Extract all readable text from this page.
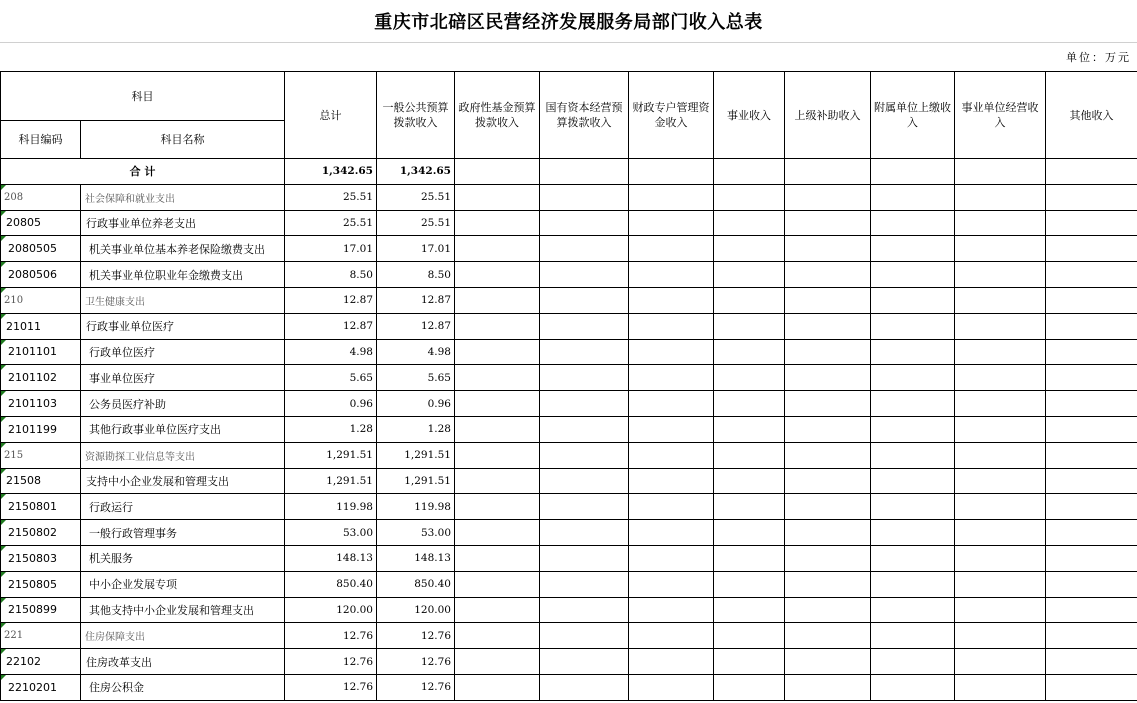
重庆市北碚区民营经济发展服务局部门收入总表
单位：万元
科目		总计	一般公共预算拨款收入	政府性基金预算拨款收入	国有资本经营预算拨款收入	财政专户管理资金收入	事业收入	上级补助收入	附属单位上缴收入	事业单位经营收入	其他收入
科目编码	科目名称										
合 计		1,342.65	1,342.65								

208	社会保障和就业支出	25.51	25.51								

20805	行政事业单位养老支出	25.51	25.51								

2080505	机关事业单位基本养老保险缴费支出	17.01	17.01								

2080506	机关事业单位职业年金缴费支出	8.50	8.50								

210	卫生健康支出	12.87	12.87								

21011	行政事业单位医疗	12.87	12.87								

2101101	行政单位医疗	4.98	4.98								

2101102	事业单位医疗	5.65	5.65								

2101103	公务员医疗补助	0.96	0.96								

2101199	其他行政事业单位医疗支出	1.28	1.28								

215	资源勘探工业信息等支出	1,291.51	1,291.51								

21508	支持中小企业发展和管理支出	1,291.51	1,291.51								

2150801	行政运行	119.98	119.98								

2150802	一般行政管理事务	53.00	53.00								

2150803	机关服务	148.13	148.13								

2150805	中小企业发展专项	850.40	850.40								

2150899	其他支持中小企业发展和管理支出	120.00	120.00								

221	住房保障支出	12.76	12.76								

22102	住房改革支出	12.76	12.76								

2210201	住房公积金	12.76	12.76								
